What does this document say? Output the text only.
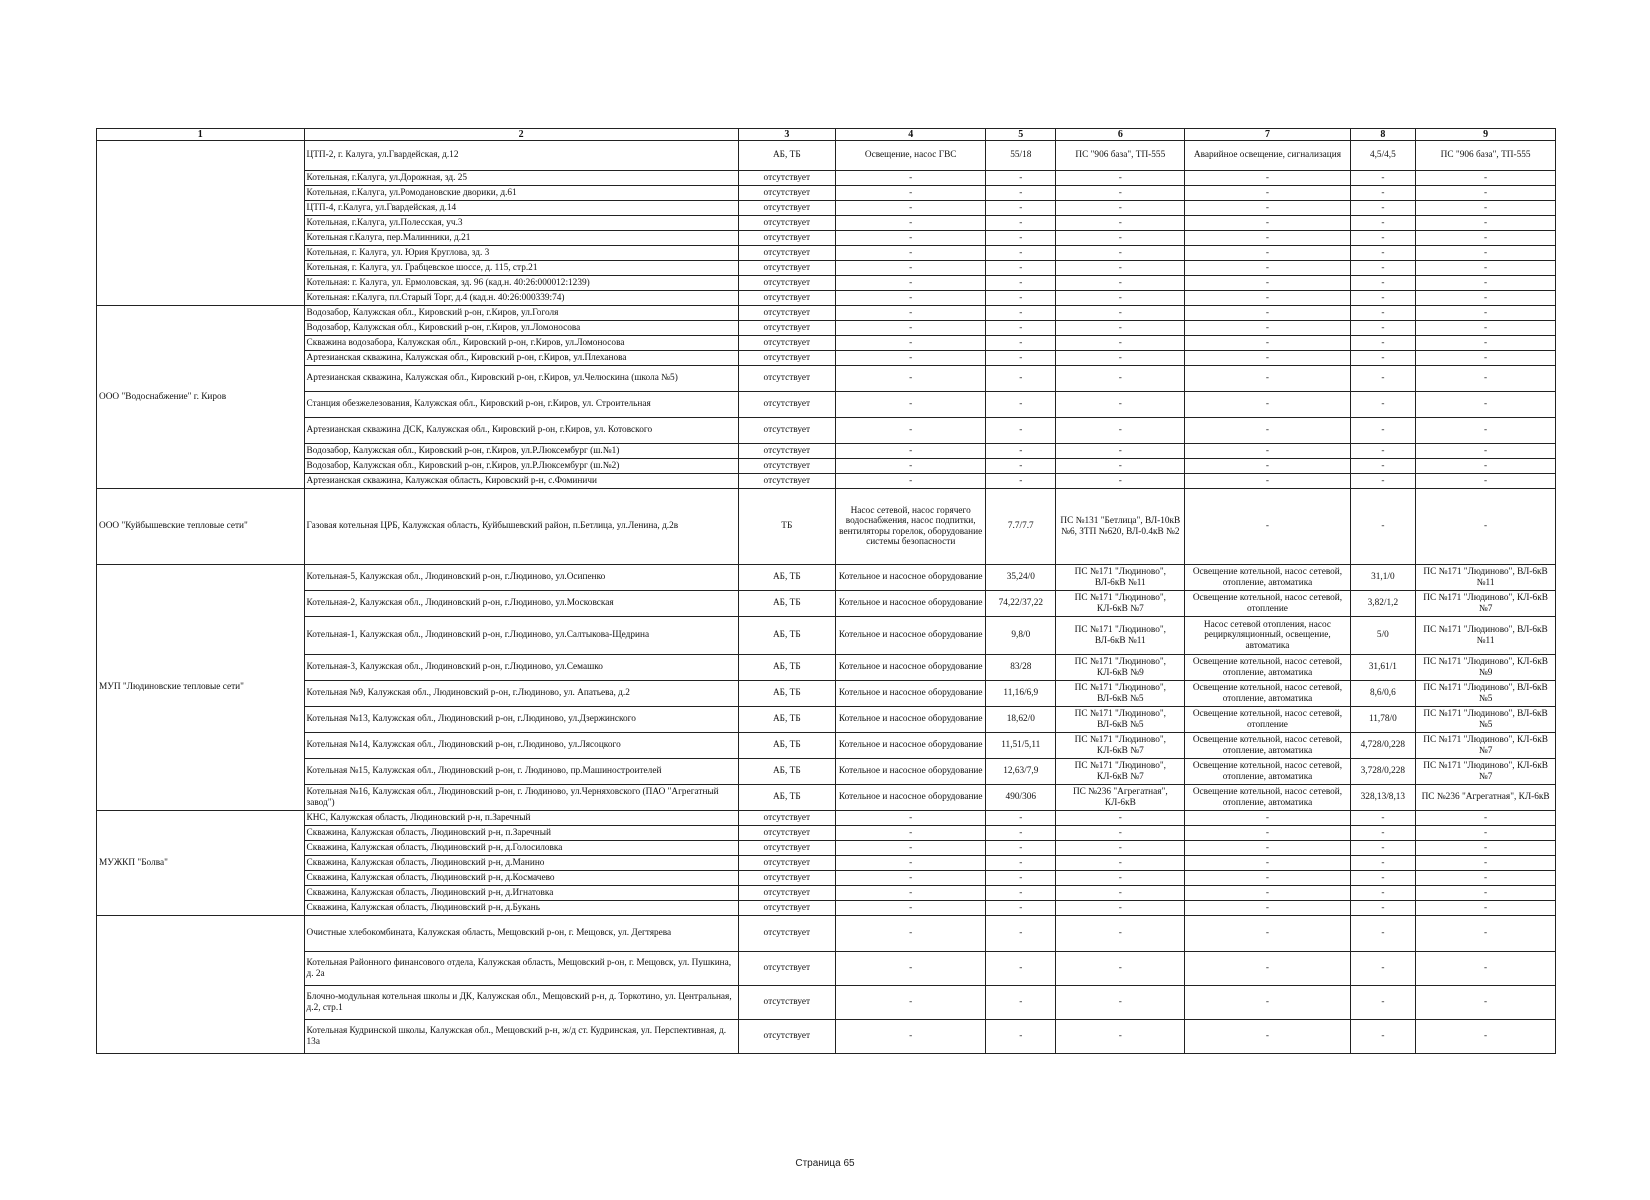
1	2	3	4	5	6	7	8	9
	ЦТП-2, г. Калуга, ул.Гвардейская, д.12	АБ, ТБ	Освещение, насос ГВС	55/18	ПС "906 база", ТП-555	Аварийное освещение, сигнализация	4,5/4,5	ПС "906 база", ТП-555
	Котельная, г.Калуга, ул.Дорожная, зд. 25	отсутствует	-	-	-	-	-	-
	Котельная, г.Калуга, ул.Ромодановские дворики, д.61	отсутствует	-	-	-	-	-	-
	ЦТП-4, г.Калуга, ул.Гвардейская, д.14	отсутствует	-	-	-	-	-	-
	Котельная, г.Калуга, ул.Полесская, уч.3	отсутствует	-	-	-	-	-	-
	Котельная г.Калуга, пер.Малинники, д.21	отсутствует	-	-	-	-	-	-
	Котельная, г. Калуга, ул. Юрия Круглова, зд. 3	отсутствует	-	-	-	-	-	-
	Котельная, г. Калуга, ул. Грабцевское шоссе, д. 115, стр.21	отсутствует	-	-	-	-	-	-
	Котельная: г. Калуга, ул. Ермоловская, зд. 96 (кад.н. 40:26:000012:1239)	отсутствует	-	-	-	-	-	-
	Котельная: г.Калуга, пл.Старый Торг, д.4 (кад.н. 40:26:000339:74)	отсутствует	-	-	-	-	-	-
ООО "Водоснабжение" г. Киров	Водозабор, Калужская обл., Кировский р-он, г.Киров, ул.Гоголя	отсутствует	-	-	-	-	-	-
	Водозабор, Калужская обл., Кировский р-он, г.Киров, ул.Ломоносова	отсутствует	-	-	-	-	-	-
	Скважина водозабора, Калужская обл., Кировский р-он, г.Киров, ул.Ломоносова	отсутствует	-	-	-	-	-	-
	Артезианская скважина, Калужская обл., Кировский р-он, г.Киров, ул.Плеханова	отсутствует	-	-	-	-	-	-
	Артезианская скважина, Калужская обл., Кировский р-он, г.Киров, ул.Челюскина (школа №5)	отсутствует	-	-	-	-	-	-
	Станция обезжелезования, Калужская обл., Кировский р-он, г.Киров, ул. Строительная	отсутствует	-	-	-	-	-	-
	Артезианская скважина ДСК, Калужская обл., Кировский р-он, г.Киров, ул. Котовского	отсутствует	-	-	-	-	-	-
	Водозабор, Калужская обл., Кировский р-он, г.Киров, ул.Р.Люксембург (ш.№1)	отсутствует	-	-	-	-	-	-
	Водозабор, Калужская обл., Кировский р-он, г.Киров, ул.Р.Люксембург (ш.№2)	отсутствует	-	-	-	-	-	-
	Артезианская скважина, Калужская область, Кировский р-н, с.Фоминичи	отсутствует	-	-	-	-	-	-
ООО "Куйбышевские тепловые сети"	Газовая котельная ЦРБ, Калужская область, Куйбышевский район, п.Бетлица, ул.Ленина, д.2в	ТБ	Насос сетевой, насос горячего водоснабжения, насос подпитки, вентиляторы горелок, оборудование системы безопасности	7.7/7.7	ПС №131 "Бетлица", ВЛ-10кВ №6, ЗТП №620, ВЛ-0.4кВ №2	-	-	-
МУП "Людиновские тепловые сети"	Котельная-5, Калужская обл., Людиновский р-он, г.Людиново, ул.Осипенко	АБ, ТБ	Котельное и насосное оборудование	35,24/0	ПС №171 "Людиново", ВЛ-6кВ №11	Освещение котельной, насос сетевой, отопление, автоматика	31,1/0	ПС №171 "Людиново", ВЛ-6кВ №11
	Котельная-2, Калужская обл., Людиновский р-он, г.Людиново, ул.Московская	АБ, ТБ	Котельное и насосное оборудование	74,22/37,22	ПС №171 "Людиново", КЛ-6кВ №7	Освещение котельной, насос сетевой, отопление	3,82/1,2	ПС №171 "Людиново", КЛ-6кВ №7
	Котельная-1, Калужская обл., Людиновский р-он, г.Людиново, ул.Салтыкова-Щедрина	АБ, ТБ	Котельное и насосное оборудование	9,8/0	ПС №171 "Людиново", ВЛ-6кВ №11	Насос сетевой отопления, насос рециркуляционный, освещение, автоматика	5/0	ПС №171 "Людиново", ВЛ-6кВ №11
	Котельная-3, Калужская обл., Людиновский р-он, г.Людиново, ул.Семашко	АБ, ТБ	Котельное и насосное оборудование	83/28	ПС №171 "Людиново", КЛ-6кВ №9	Освещение котельной, насос сетевой, отопление, автоматика	31,61/1	ПС №171 "Людиново", КЛ-6кВ №9
	Котельная №9, Калужская обл., Людиновский р-он, г.Людиново, ул. Апатьева, д.2	АБ, ТБ	Котельное и насосное оборудование	11,16/6,9	ПС №171 "Людиново", ВЛ-6кВ №5	Освещение котельной, насос сетевой, отопление, автоматика	8,6/0,6	ПС №171 "Людиново", ВЛ-6кВ №5
	Котельная №13, Калужская обл., Людиновский р-он, г.Людиново, ул.Дзержинского	АБ, ТБ	Котельное и насосное оборудование	18,62/0	ПС №171 "Людиново", ВЛ-6кВ №5	Освещение котельной, насос сетевой, отопление	11,78/0	ПС №171 "Людиново", ВЛ-6кВ №5
	Котельная №14, Калужская обл., Людиновский р-он, г.Людиново, ул.Лясоцкого	АБ, ТБ	Котельное и насосное оборудование	11,51/5,11	ПС №171 "Людиново", КЛ-6кВ №7	Освещение котельной, насос сетевой, отопление, автоматика	4,728/0,228	ПС №171 "Людиново", КЛ-6кВ №7
	Котельная №15, Калужская обл., Людиновский р-он, г. Людиново, пр.Машиностроителей	АБ, ТБ	Котельное и насосное оборудование	12,63/7,9	ПС №171 "Людиново", КЛ-6кВ №7	Освещение котельной, насос сетевой, отопление, автоматика	3,728/0,228	ПС №171 "Людиново", КЛ-6кВ №7
	Котельная №16, Калужская обл., Людиновский р-он, г. Людиново, ул.Черняховского (ПАО "Агрегатный завод")	АБ, ТБ	Котельное и насосное оборудование	490/306	ПС №236 "Агрегатная", КЛ-6кВ	Освещение котельной, насос сетевой, отопление, автоматика	328,13/8,13	ПС №236 "Агрегатная", КЛ-6кВ
МУЖКП "Болва"	КНС, Калужская область, Людиновский р-н, п.Заречный	отсутствует	-	-	-	-	-	-
	Скважина, Калужская область, Людиновский р-н, п.Заречный	отсутствует	-	-	-	-	-	-
	Скважина, Калужская область, Людиновский р-н, д.Голосиловка	отсутствует	-	-	-	-	-	-
	Скважина, Калужская область, Людиновский р-н, д.Манино	отсутствует	-	-	-	-	-	-
	Скважина, Калужская область, Людиновский р-н, д.Космачево	отсутствует	-	-	-	-	-	-
	Скважина, Калужская область, Людиновский р-н, д.Игнатовка	отсутствует	-	-	-	-	-	-
	Скважина, Калужская область, Людиновский р-н, д.Букань	отсутствует	-	-	-	-	-	-
	Очистные хлебокомбината, Калужская область, Мещовский р-он, г. Мещовск, ул. Дегтярева	отсутствует	-	-	-	-	-	-
	Котельная Районного финансового отдела, Калужская область, Мещовский р-он, г. Мещовск, ул. Пушкина, д. 2а	отсутствует	-	-	-	-	-	-
	Блочно-модульная котельная школы и ДК, Калужская обл., Мещовский р-н, д. Торкотино, ул. Центральная, д.2, стр.1	отсутствует	-	-	-	-	-	-
	Котельная Кудринской школы, Калужская обл., Мещовский р-н, ж/д ст. Кудринская, ул. Перспективная, д. 13а	отсутствует	-	-	-	-	-	-
Страница 65
